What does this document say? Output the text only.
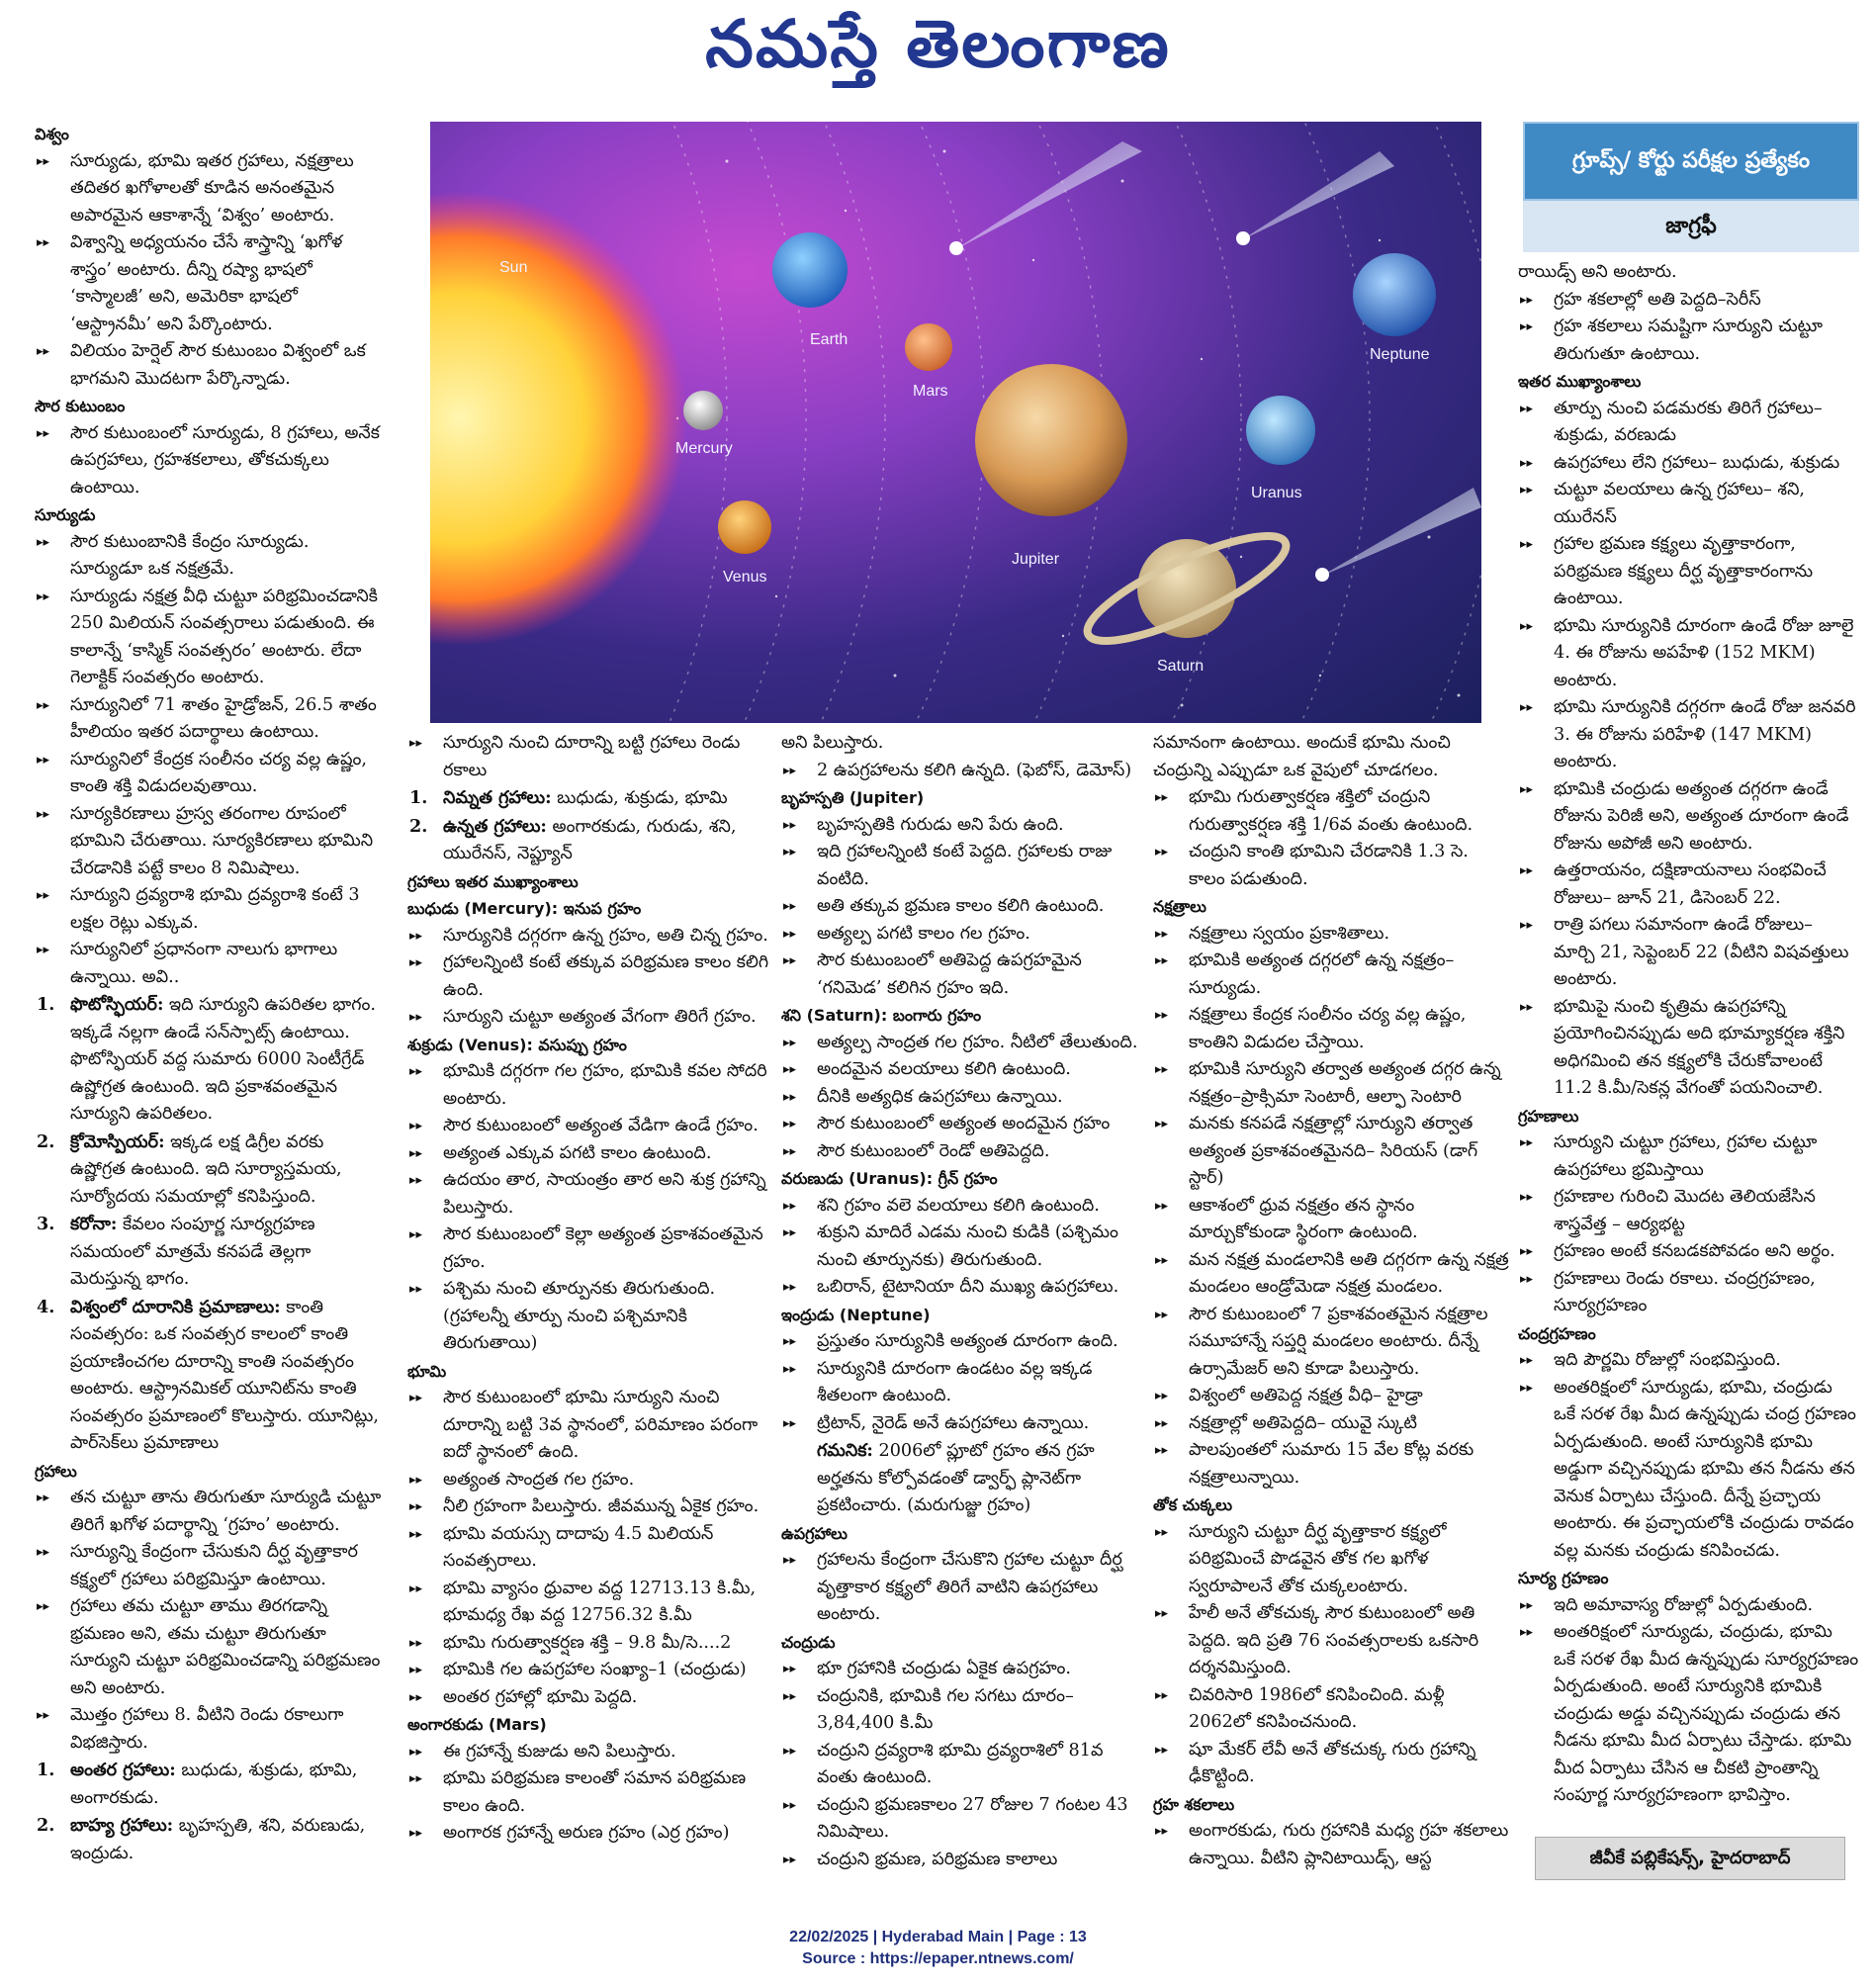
నమస్తే తెలంగాణ

విశ్వం

▸▸ సూర్యుడు, భూమి ఇతర గ్రహాలు, నక్షత్రాలు తదితర ఖగోళాలతో కూడిన అనంతమైన అపారమైన ఆకాశాన్నే ‘విశ్వం’ అంటారు.

▸▸ విశ్వాన్ని అధ్యయనం చేసే శాస్త్రాన్ని ‘ఖగోళ శాస్త్రం’ అంటారు. దీన్ని రష్యా భాషలో ‘కాస్మాలజీ’ అని, అమెరికా భాషలో ‘ఆస్ట్రానమీ’ అని పేర్కొంటారు.

▸▸ విలియం హెర్షెల్‌ సౌర కుటుంబం విశ్వంలో ఒక భాగమని మొదటగా పేర్కొన్నాడు.

సౌర కుటుంబం

▸▸ సౌర కుటుంబంలో సూర్యుడు, 8 గ్రహాలు, అనేక ఉపగ్రహాలు, గ్రహశకలాలు, తోకచుక్కలు ఉంటాయి.

సూర్యుడు

▸▸ సౌర కుటుంబానికి కేంద్రం సూర్యుడు. సూర్యుడూ ఒక నక్షత్రమే.

▸▸ సూర్యుడు నక్షత్ర వీధి చుట్టూ పరిభ్రమించడానికి 250 మిలియన్‌ సంవత్సరాలు పడుతుంది. ఈ కాలాన్నే ‘కాస్మిక్‌ సంవత్సరం’ అంటారు. లేదా గెలాక్టిక్‌ సంవత్సరం అంటారు.

▸▸ సూర్యునిలో 71 శాతం హైడ్రోజన్‌, 26.5 శాతం హీలియం ఇతర పదార్థాలు ఉంటాయి.

▸▸ సూర్యునిలో కేంద్రక సంలీనం చర్య వల్ల ఉష్ణం, కాంతి శక్తి విడుదలవుతాయి.

▸▸ సూర్యకిరణాలు హ్రస్వ తరంగాల రూపంలో భూమిని చేరుతాయి. సూర్యకిరణాలు భూమిని చేరడానికి పట్టే కాలం 8 నిమిషాలు.

▸▸ సూర్యుని ద్రవ్యరాశి భూమి ద్రవ్యరాశి కంటే 3 లక్షల రెట్లు ఎక్కువ.

▸▸ సూర్యునిలో ప్రధానంగా నాలుగు భాగాలు ఉన్నాయి. అవి..

1. ఫొటోస్ఫియర్‌: ఇది సూర్యుని ఉపరితల భాగం. ఇక్కడే నల్లగా ఉండే సన్‌స్పాట్స్‌ ఉంటాయి. ఫొటోస్ఫియర్‌ వద్ద సుమారు 6000 సెంటీగ్రేడ్‌ ఉష్ణోగ్రత ఉంటుంది. ఇది ప్రకాశవంతమైన సూర్యుని ఉపరితలం.

2. క్రోమోస్పియర్‌: ఇక్కడ లక్ష డిగ్రీల వరకు ఉష్ణోగ్రత ఉంటుంది. ఇది సూర్యాస్తమయ, సూర్యోదయ సమయాల్లో కనిపిస్తుంది.

3. కరోనా: కేవలం సంపూర్ణ సూర్యగ్రహణ సమయంలో మాత్రమే కనపడే తెల్లగా మెరుస్తున్న భాగం.

4. విశ్వంలో దూరానికి ప్రమాణాలు: కాంతి సంవత్సరం: ఒక సంవత్సర కాలంలో కాంతి ప్రయాణించగల దూరాన్ని కాంతి సంవత్సరం అంటారు. ఆస్ట్రానమికల్‌ యూనిట్‌ను కాంతి సంవత్సరం ప్రమాణంలో కొలుస్తారు. యూనిట్లు, పార్‌సెక్‌లు ప్రమాణాలు

గ్రహాలు

▸▸ తన చుట్టూ తాను తిరుగుతూ సూర్యుడి చుట్టూ తిరిగే ఖగోళ పదార్థాన్ని ‘గ్రహం’ అంటారు.

▸▸ సూర్యున్ని కేంద్రంగా చేసుకుని దీర్ఘ వృత్తాకార కక్ష్యలో గ్రహాలు పరిభ్రమిస్తూ ఉంటాయి.

▸▸ గ్రహాలు తమ చుట్టూ తాము తిరగడాన్ని భ్రమణం అని, తమ చుట్టూ తిరుగుతూ సూర్యుని చుట్టూ పరిభ్రమించడాన్ని పరిభ్రమణం అని అంటారు.

▸▸ మొత్తం గ్రహాలు 8. వీటిని రెండు రకాలుగా విభజిస్తారు.

1. అంతర గ్రహాలు: బుధుడు, శుక్రుడు, భూమి, అంగారకుడు.

2. బాహ్య గ్రహాలు: బృహస్పతి, శని, వరుణుడు, ఇంద్రుడు.

Sun
Mercury
Venus
Earth
Mars
Jupiter
Saturn
Uranus
Neptune

▸▸ సూర్యుని నుంచి దూరాన్ని బట్టి గ్రహాలు రెండు రకాలు

1. నిమ్నత గ్రహాలు: బుధుడు, శుక్రుడు, భూమి

2. ఉన్నత గ్రహాలు: అంగారకుడు, గురుడు, శని, యురేనస్‌, నెప్ట్యూన్‌

గ్రహాలు ఇతర ముఖ్యాంశాలు

బుధుడు (Mercury): ఇనుప గ్రహం

▸▸ సూర్యునికి దగ్గరగా ఉన్న గ్రహం, అతి చిన్న గ్రహం.

▸▸ గ్రహాలన్నింటి కంటే తక్కువ పరిభ్రమణ కాలం కలిగి ఉంది.

▸▸ సూర్యుని చుట్టూ అత్యంత వేగంగా తిరిగే గ్రహం.

శుక్రుడు (Venus): వసుప్పు గ్రహం

▸▸ భూమికి దగ్గరగా గల గ్రహం, భూమికి కవల సోదరి అంటారు.

▸▸ సౌర కుటుంబంలో అత్యంత వేడిగా ఉండే గ్రహం.

▸▸ అత్యంత ఎక్కువ పగటి కాలం ఉంటుంది.

▸▸ ఉదయం తార, సాయంత్రం తార అని శుక్ర గ్రహాన్ని పిలుస్తారు.

▸▸ సౌర కుటుంబంలో కెల్లా అత్యంత ప్రకాశవంతమైన గ్రహం.

▸▸ పశ్చిమ నుంచి తూర్పునకు తిరుగుతుంది. (గ్రహాలన్నీ తూర్పు నుంచి పశ్చిమానికి తిరుగుతాయి)

భూమి

▸▸ సౌర కుటుంబంలో భూమి సూర్యుని నుంచి దూరాన్ని బట్టి 3వ స్థానంలో, పరిమాణం పరంగా ఐదో స్థానంలో ఉంది.

▸▸ అత్యంత సాంద్రత గల గ్రహం.

▸▸ నీలి గ్రహంగా పిలుస్తారు. జీవమున్న ఏకైక గ్రహం.

▸▸ భూమి వయస్సు దాదాపు 4.5 మిలియన్‌ సంవత్సరాలు.

▸▸ భూమి వ్యాసం ధ్రువాల వద్ద 12713.13 కి.మీ, భూమధ్య రేఖ వద్ద 12756.32 కి.మీ

▸▸ భూమి గురుత్వాకర్షణ శక్తి – 9.8 మీ/సె....2

▸▸ భూమికి గల ఉపగ్రహాల సంఖ్యా–1 (చంద్రుడు)

▸▸ అంతర గ్రహాల్లో భూమి పెద్దది.

అంగారకుడు (Mars)

▸▸ ఈ గ్రహాన్నే కుజుడు అని పిలుస్తారు.

▸▸ భూమి పరిభ్రమణ కాలంతో సమాన పరిభ్రమణ కాలం ఉంది.

▸▸ అంగారక గ్రహాన్నే అరుణ గ్రహం (ఎర్ర గ్రహం)

అని పిలుస్తారు.

▸▸ 2 ఉపగ్రహాలను కలిగి ఉన్నది. (ఫెబోస్‌, డెమోస్‌)

బృహస్పతి (Jupiter)

▸▸ బృహస్పతికి గురుడు అని పేరు ఉంది.

▸▸ ఇది గ్రహాలన్నింటి కంటే పెద్దది. గ్రహాలకు రాజు వంటిది.

▸▸ అతి తక్కువ భ్రమణ కాలం కలిగి ఉంటుంది.

▸▸ అత్యల్ప పగటి కాలం గల గ్రహం.

▸▸ సౌర కుటుంబంలో అతిపెద్ద ఉపగ్రహమైన ‘గనిమెడ’ కలిగిన గ్రహం ఇది.

శని (Saturn): బంగారు గ్రహం

▸▸ అత్యల్ప సాంద్రత గల గ్రహం. నీటిలో తేలుతుంది.

▸▸ అందమైన వలయాలు కలిగి ఉంటుంది.

▸▸ దీనికి అత్యధిక ఉపగ్రహాలు ఉన్నాయి.

▸▸ సౌర కుటుంబంలో అత్యంత అందమైన గ్రహం

▸▸ సౌర కుటుంబంలో రెండో అతిపెద్దది.

వరుణుడు (Uranus): గ్రీన్‌ గ్రహం

▸▸ శని గ్రహం వలె వలయాలు కలిగి ఉంటుంది.

▸▸ శుక్రుని మాదిరే ఎడమ నుంచి కుడికి (పశ్చిమం నుంచి తూర్పునకు) తిరుగుతుంది.

▸▸ ఒబిరాన్‌, టైటానియా దీని ముఖ్య ఉపగ్రహాలు.

ఇంద్రుడు (Neptune)

▸▸ ప్రస్తుతం సూర్యునికి అత్యంత దూరంగా ఉంది.

▸▸ సూర్యునికి దూరంగా ఉండటం వల్ల ఇక్కడ శీతలంగా ఉంటుంది.

▸▸ ట్రిటాన్‌, నైరెడ్‌ అనే ఉపగ్రహాలు ఉన్నాయి.

గమనిక: 2006లో ప్లూటో గ్రహం తన గ్రహ అర్హతను కోల్పోవడంతో డ్వార్ఫ్‌ ప్లానెట్‌గా ప్రకటించారు. (మరుగుజ్జు గ్రహం)

ఉపగ్రహాలు

▸▸ గ్రహాలను కేంద్రంగా చేసుకొని గ్రహాల చుట్టూ దీర్ఘ వృత్తాకార కక్ష్యలో తిరిగే వాటిని ఉపగ్రహాలు అంటారు.

చంద్రుడు

▸▸ భూ గ్రహానికి చంద్రుడు ఏకైక ఉపగ్రహం.

▸▸ చంద్రునికి, భూమికి గల సగటు దూరం– 3,84,400 కి.మీ

▸▸ చంద్రుని ద్రవ్యరాశి భూమి ద్రవ్యరాశిలో 81వ వంతు ఉంటుంది.

▸▸ చంద్రుని భ్రమణకాలం 27 రోజుల 7 గంటల 43 నిమిషాలు.

▸▸ చంద్రుని భ్రమణ, పరిభ్రమణ కాలాలు

సమానంగా ఉంటాయి. అందుకే భూమి నుంచి చంద్రున్ని ఎప్పుడూ ఒక వైపులో చూడగలం.

▸▸ భూమి గురుత్వాకర్షణ శక్తిలో చంద్రుని గురుత్వాకర్షణ శక్తి 1/6వ వంతు ఉంటుంది.

▸▸ చంద్రుని కాంతి భూమిని చేరడానికి 1.3 సె. కాలం పడుతుంది.

నక్షత్రాలు

▸▸ నక్షత్రాలు స్వయం ప్రకాశితాలు.

▸▸ భూమికి అత్యంత దగ్గరలో ఉన్న నక్షత్రం– సూర్యుడు.

▸▸ నక్షత్రాలు కేంద్రక సంలీనం చర్య వల్ల ఉష్ణం, కాంతిని విడుదల చేస్తాయి.

▸▸ భూమికి సూర్యుని తర్వాత అత్యంత దగ్గర ఉన్న నక్షత్రం–ప్రాక్సిమా సెంటారీ, ఆల్ఫా సెంటారి

▸▸ మనకు కనపడే నక్షత్రాల్లో సూర్యుని తర్వాత అత్యంత ప్రకాశవంతమైనది– సిరియస్‌ (డాగ్‌ స్టార్‌)

▸▸ ఆకాశంలో ధ్రువ నక్షత్రం తన స్థానం మార్చుకోకుండా స్థిరంగా ఉంటుంది.

▸▸ మన నక్షత్ర మండలానికి అతి దగ్గరగా ఉన్న నక్షత్ర మండలం ఆండ్రోమెడా నక్షత్ర మండలం.

▸▸ సౌర కుటుంబంలో 7 ప్రకాశవంతమైన నక్షత్రాల సమూహాన్నే సప్తర్షి మండలం అంటారు. దీన్నే ఉర్సామేజర్‌ అని కూడా పిలుస్తారు.

▸▸ విశ్వంలో అతిపెద్ద నక్షత్ర వీధి– హైడ్రా

▸▸ నక్షత్రాల్లో అతిపెద్దది– యువై స్కుటి

▸▸ పాలపుంతలో సుమారు 15 వేల కోట్ల వరకు నక్షత్రాలున్నాయి.

తోక చుక్కలు

▸▸ సూర్యుని చుట్టూ దీర్ఘ వృత్తాకార కక్ష్యలో పరిభ్రమించే పొడవైన తోక గల ఖగోళ స్వరూపాలనే తోక చుక్కలంటారు.

▸▸ హేలీ అనే తోకచుక్క సౌర కుటుంబంలో అతి పెద్దది. ఇది ప్రతి 76 సంవత్సరాలకు ఒకసారి దర్శనమిస్తుంది.

▸▸ చివరిసారి 1986లో కనిపించింది. మళ్లీ 2062లో కనిపించనుంది.

▸▸ షూ మేకర్‌ లేవీ అనే తోకచుక్క గురు గ్రహాన్ని ఢీకొట్టింది.

గ్రహ శకలాలు

▸▸ అంగారకుడు, గురు గ్రహానికి మధ్య గ్రహ శకలాలు ఉన్నాయి. వీటిని ప్లానిటాయిడ్స్‌, ఆస్ట

గ్రూప్స్‌/ కోర్టు పరీక్షల ప్రత్యేకం
జాగ్రఫీ

రాయిడ్స్‌ అని అంటారు.

▸▸ గ్రహ శకలాల్లో అతి పెద్దది–సెరీస్‌

▸▸ గ్రహ శకలాలు సమష్టిగా సూర్యుని చుట్టూ తిరుగుతూ ఉంటాయి.

ఇతర ముఖ్యాంశాలు

▸▸ తూర్పు నుంచి పడమరకు తిరిగే గ్రహాలు– శుక్రుడు, వరణుడు

▸▸ ఉపగ్రహాలు లేని గ్రహాలు– బుధుడు, శుక్రుడు

▸▸ చుట్టూ వలయాలు ఉన్న గ్రహాలు– శని, యురేనస్‌

▸▸ గ్రహాల భ్రమణ కక్ష్యలు వృత్తాకారంగా, పరిభ్రమణ కక్ష్యలు దీర్ఘ వృత్తాకారంగాను ఉంటాయి.

▸▸ భూమి సూర్యునికి దూరంగా ఉండే రోజు జూలై 4. ఈ రోజును అపహేళి (152 MKM) అంటారు.

▸▸ భూమి సూర్యునికి దగ్గరగా ఉండే రోజు జనవరి 3. ఈ రోజును పరిహేళి (147 MKM) అంటారు.

▸▸ భూమికి చంద్రుడు అత్యంత దగ్గరగా ఉండే రోజును పెరిజీ అని, అత్యంత దూరంగా ఉండే రోజును అపోజీ అని అంటారు.

▸▸ ఉత్తరాయనం, దక్షిణాయనాలు సంభవించే రోజులు– జూన్‌ 21, డిసెంబర్‌ 22.

▸▸ రాత్రి పగలు సమానంగా ఉండే రోజులు– మార్చి 21, సెప్టెంబర్‌ 22 (వీటిని విషవత్తులు అంటారు.

▸▸ భూమిపై నుంచి కృత్రిమ ఉపగ్రహాన్ని ప్రయోగించినప్పుడు అది భూమ్యాకర్షణ శక్తిని అధిగమించి తన కక్ష్యలోకి చేరుకోవాలంటే 11.2 కి.మీ/సెకన్ల వేగంతో పయనించాలి.

గ్రహణాలు

▸▸ సూర్యుని చుట్టూ గ్రహాలు, గ్రహాల చుట్టూ ఉపగ్రహాలు భ్రమిస్తాయి

▸▸ గ్రహణాల గురించి మొదట తెలియజేసిన శాస్త్రవేత్త – ఆర్యభట్ట

▸▸ గ్రహణం అంటే కనబడకపోవడం అని అర్థం.

▸▸ గ్రహణాలు రెండు రకాలు. చంద్రగ్రహణం, సూర్యగ్రహణం

చంద్రగ్రహణం

▸▸ ఇది పౌర్ణమి రోజుల్లో సంభవిస్తుంది.

▸▸ అంతరిక్షంలో సూర్యుడు, భూమి, చంద్రుడు ఒకే సరళ రేఖ మీద ఉన్నప్పుడు చంద్ర గ్రహణం ఏర్పడుతుంది. అంటే సూర్యునికి భూమి అడ్డుగా వచ్చినప్పుడు భూమి తన నీడను తన వెనుక ఏర్పాటు చేస్తుంది. దీన్నే ప్రచ్ఛాయ అంటారు. ఈ ప్రచ్ఛాయలోకి చంద్రుడు రావడం వల్ల మనకు చంద్రుడు కనిపించడు.

సూర్య గ్రహణం

▸▸ ఇది అమావాస్య రోజుల్లో ఏర్పడుతుంది.

▸▸ అంతరిక్షంలో సూర్యుడు, చంద్రుడు, భూమి ఒకే సరళ రేఖ మీద ఉన్నప్పుడు సూర్యగ్రహణం ఏర్పడుతుంది. అంటే సూర్యునికి భూమికి చంద్రుడు అడ్డు వచ్చినప్పుడు చంద్రుడు తన నీడను భూమి మీద ఏర్పాటు చేస్తాడు. భూమి మీద ఏర్పాటు చేసిన ఆ చీకటి ప్రాంతాన్ని సంపూర్ణ సూర్యగ్రహణంగా భావిస్తాం.

జీవీకే పబ్లికేషన్స్‌, హైదరాబాద్‌
22/02/2025 | Hyderabad Main | Page : 13
Source : https://epaper.ntnews.com/
